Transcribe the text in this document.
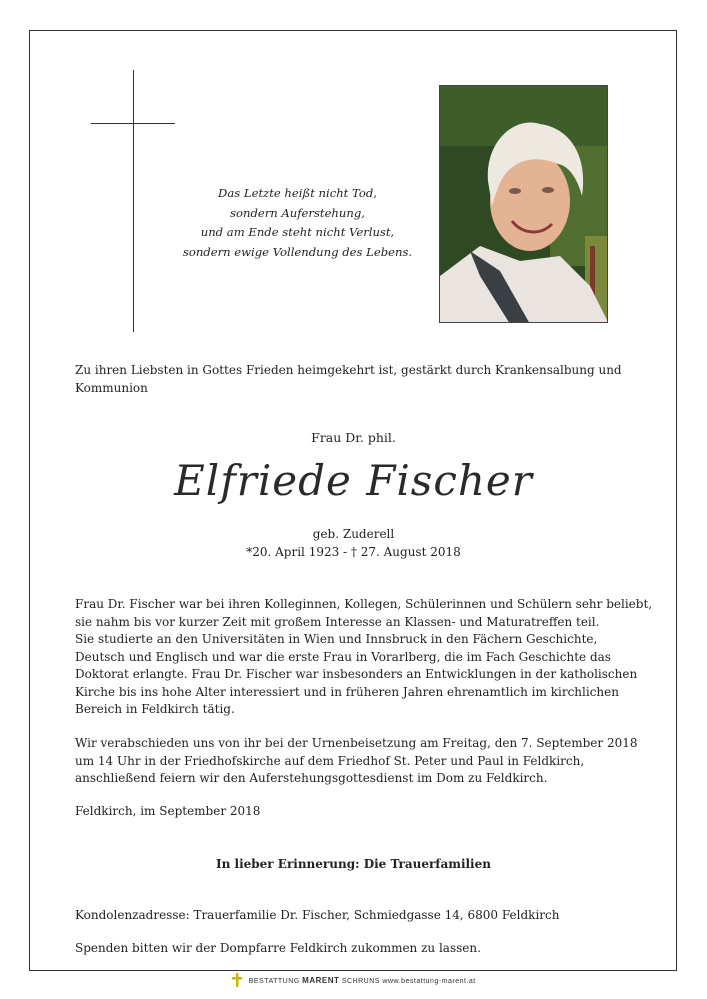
Das Letzte heißt nicht Tod,
sondern Auferstehung,
und am Ende steht nicht Verlust,
sondern ewige Vollendung des Lebens.
Zu ihren Liebsten in Gottes Frieden heimgekehrt ist, gestärkt durch Krankensalbung und Kommunion
Frau Dr. phil.
Elfriede Fischer
geb. Zuderell
*20. April 1923 - † 27. August 2018
Frau Dr. Fischer war bei ihren Kolleginnen, Kollegen, Schülerinnen und Schülern sehr beliebt,
sie nahm bis vor kurzer Zeit mit großem Interesse an Klassen- und Maturatreffen teil.
Sie studierte an den Universitäten in Wien und Innsbruck in den Fächern Geschichte,
Deutsch und Englisch und war die erste Frau in Vorarlberg, die im Fach Geschichte das
Doktorat erlangte. Frau Dr. Fischer war insbesonders an Entwicklungen in der katholischen
Kirche bis ins hohe Alter interessiert und in früheren Jahren ehrenamtlich im kirchlichen
Bereich in Feldkirch tätig.
Wir verabschieden uns von ihr bei der Urnenbeisetzung am Freitag, den 7. September 2018
um 14 Uhr in der Friedhofskirche auf dem Friedhof St. Peter und Paul in Feldkirch,
anschließend feiern wir den Auferstehungsgottesdienst im Dom zu Feldkirch.
Feldkirch, im September 2018
In lieber Erinnerung: Die Trauerfamilien
Kondolenzadresse: Trauerfamilie Dr. Fischer, Schmiedgasse 14, 6800 Feldkirch
Spenden bitten wir der Dompfarre Feldkirch zukommen zu lassen.
BESTATTUNG MARENT SCHRUNS www.bestattung-marent.at
